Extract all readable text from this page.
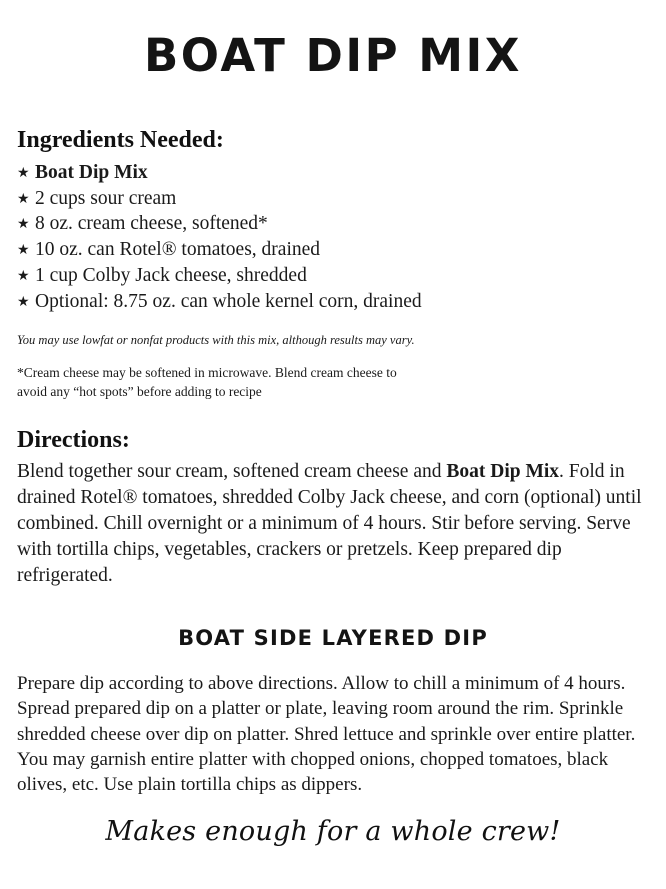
BOAT DIP MIX
Ingredients Needed:
★ Boat Dip Mix
★ 2 cups sour cream
★ 8 oz. cream cheese, softened*
★ 10 oz. can Rotel® tomatoes, drained
★ 1 cup Colby Jack cheese, shredded
★ Optional: 8.75 oz. can whole kernel corn, drained

You may use lowfat or nonfat products with this mix, although results may vary.

*Cream cheese may be softened in microwave. Blend cream cheese to
avoid any “hot spots” before adding to recipe

Directions:

Blend together sour cream, softened cream cheese and Boat Dip Mix. Fold in drained Rotel® tomatoes, shredded Colby Jack cheese, and corn (optional) until combined. Chill overnight or a minimum of 4 hours. Stir before serving. Serve with tortilla chips, vegetables, crackers or pretzels. Keep prepared dip refrigerated.

BOAT SIDE LAYERED DIP

Prepare dip according to above directions. Allow to chill a minimum of 4 hours. Spread prepared dip on a platter or plate, leaving room around the rim. Sprinkle shredded cheese over dip on platter. Shred lettuce and sprinkle over entire platter. You may garnish entire platter with chopped onions, chopped tomatoes, black olives, etc. Use plain tortilla chips as dippers.

Makes enough for a whole crew!
